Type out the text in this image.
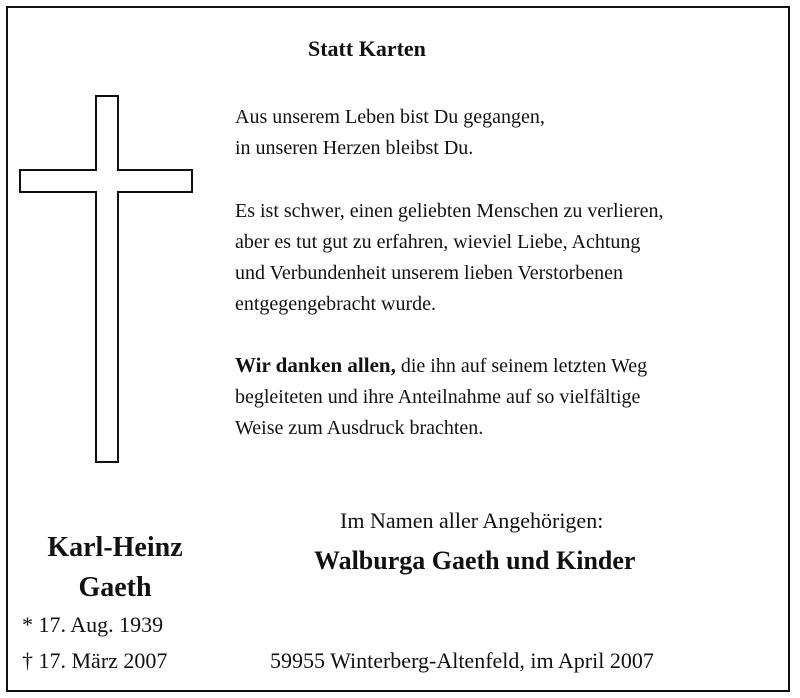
Statt Karten
Aus unserem Leben bist Du gegangen,
in unseren Herzen bleibst Du.
Es ist schwer, einen geliebten Menschen zu verlieren,
aber es tut gut zu erfahren, wieviel Liebe, Achtung
und Verbundenheit unserem lieben Verstorbenen
entgegengebracht wurde.
Wir danken allen, die ihn auf seinem letzten Weg
begleiteten und ihre Anteilnahme auf so vielfältige
Weise zum Ausdruck brachten.
Karl-Heinz
Gaeth
* 17. Aug. 1939
† 17. März 2007
Im Namen aller Angehörigen:
Walburga Gaeth und Kinder
59955 Winterberg-Altenfeld, im April 2007
